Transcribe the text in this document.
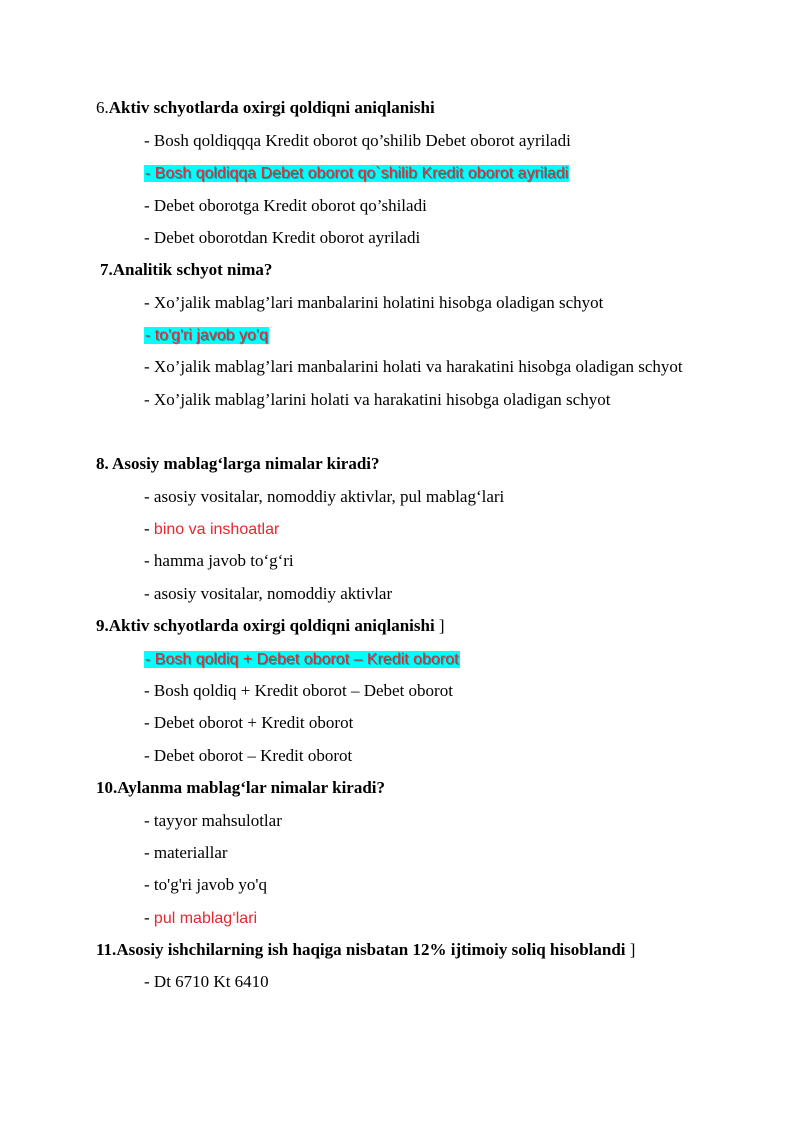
6.Aktiv schyotlarda oxirgi qoldiqni aniqlanishi
- Bosh qoldiqqqa Kredit oborot qo’shilib Debet oborot ayriladi
- Bosh qoldiqqa Debet oborot qo`shilib Kredit oborot ayriladi
- Debet oborotga Kredit oborot qo’shiladi
- Debet oborotdan Kredit oborot ayriladi
7.Analitik schyot nima?
- Xo’jalik mablag’lari manbalarini holatini hisobga oladigan schyot
- to'g'ri javob yo'q
- Xo’jalik mablag’lari manbalarini holati va harakatini hisobga oladigan schyot
- Xo’jalik mablag’larini holati va harakatini hisobga oladigan schyot
8. Asosiy mablag‘larga nimalar kiradi?
- asosiy vositalar, nomoddiy aktivlar, pul mablag‘lari
- bino va inshoatlar
- hamma javob to‘g‘ri
- asosiy vositalar, nomoddiy aktivlar
9.Aktiv schyotlarda oxirgi qoldiqni aniqlanishi ]
- Bosh qoldiq + Debet oborot – Kredit oborot
- Bosh qoldiq + Kredit oborot – Debet oborot
- Debet oborot + Kredit oborot
- Debet oborot – Kredit oborot
10.Aylanma mablag‘lar nimalar kiradi?
- tayyor mahsulotlar
- materiallar
- to'g'ri javob yo'q
- pul mablag‘lari
11.Asosiy ishchilarning ish haqiga nisbatan 12% ijtimoiy soliq hisoblandi ]
- Dt 6710 Kt 6410
